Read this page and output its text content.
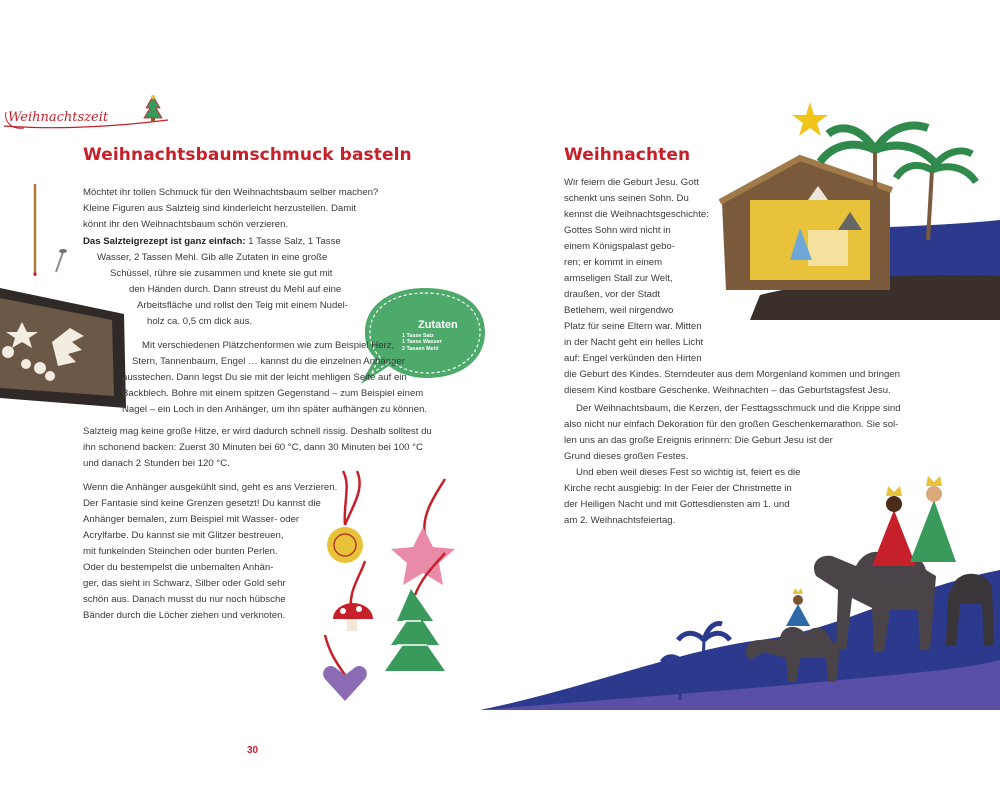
Weihnachtszeit
Weihnachtsbaumschmuck basteln
Möchtet ihr tollen Schmuck für den Weihnachtsbaum selber machen?
Kleine Figuren aus Salzteig sind kinderleicht herzustellen. Damit
könnt ihr den Weihnachtsbaum schön verzieren.
Das Salzteigrezept ist ganz einfach: 1 Tasse Salz, 1 Tasse
Wasser, 2 Tassen Mehl. Gib alle Zutaten in eine große
Schüssel, rühre sie zusammen und knete sie gut mit
den Händen durch. Dann streust du Mehl auf eine
Arbeitsfläche und rollst den Teig mit einem Nudel-
holz ca. 0,5 cm dick aus.	Zutaten
1 Tasse Salz
1 Tasse Wasser
2 Tassen Mehl
Mit verschiedenen Plätzchenformen wie zum Beispiel Herz,
Stern, Tannenbaum, Engel … kannst du die einzelnen Anhänger
ausstechen. Dann legst Du sie mit der leicht mehligen Seite auf ein
Backblech. Bohre mit einem spitzen Gegenstand – zum Beispiel einem
Nagel – ein Loch in den Anhänger, um ihn später aufhängen zu können.
Salzteig mag keine große Hitze, er wird dadurch schnell rissig. Deshalb solltest du
ihn schonend backen: Zuerst 30 Minuten bei 60 °C, dann 30 Minuten bei 100 °C
und danach 2 Stunden bei 120 °C.
Wenn die Anhänger ausgekühlt sind, geht es ans Verzieren.
Der Fantasie sind keine Grenzen gesetzt! Du kannst die
Anhänger bemalen, zum Beispiel mit Wasser- oder
Acrylfarbe. Du kannst sie mit Glitzer bestreuen,
mit funkelnden Steinchen oder bunten Perlen.
Oder du bestempelst die unbemalten Anhän-
ger, das sieht in Schwarz, Silber oder Gold sehr
schön aus. Danach musst du nur noch hübsche
Bänder durch die Löcher ziehen und verknoten.
30
Weihnachten
Wir feiern die Geburt Jesu. Gott
schenkt uns seinen Sohn. Du
kennst die Weihnachtsgeschichte:
Gottes Sohn wird nicht in
einem Königspalast gebo-
ren; er kommt in einem
armseligen Stall zur Welt,
draußen, vor der Stadt
Betlehem, weil nirgendwo
Platz für seine Eltern war. Mitten
in der Nacht geht ein helles Licht
auf: Engel verkünden den Hirten
die Geburt des Kindes. Sterndeuter aus dem Morgenland kommen und bringen
diesem Kind kostbare Geschenke. Weihnachten – das Geburtstagsfest Jesu.
Der Weihnachtsbaum, die Kerzen, der Festtagsschmuck und die Krippe sind
also nicht nur einfach Dekoration für den großen Geschenkemarathon. Sie sol-
len uns an das große Ereignis erinnern: Die Geburt Jesu ist der
Grund dieses großen Festes.
Und eben weil dieses Fest so wichtig ist, feiert es die
Kirche recht ausgiebig: In der Feier der Christmette in
der Heiligen Nacht und mit Gottesdiensten am 1. und
am 2. Weihnachtsfeiertag.
